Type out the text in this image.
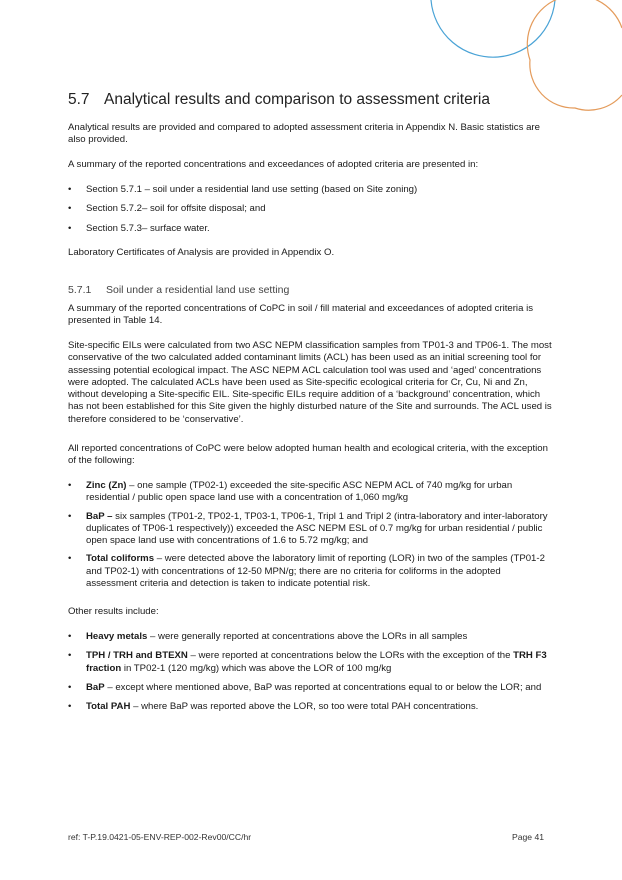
5.7 Analytical results and comparison to assessment criteria
Analytical results are provided and compared to adopted assessment criteria in Appendix N. Basic statistics are also provided.
A summary of the reported concentrations and exceedances of adopted criteria are presented in:
• Section 5.7.1 – soil under a residential land use setting (based on Site zoning)
• Section 5.7.2– soil for offsite disposal; and
• Section 5.7.3– surface water.
Laboratory Certificates of Analysis are provided in Appendix O.
5.7.1 Soil under a residential land use setting
A summary of the reported concentrations of CoPC in soil / fill material and exceedances of adopted criteria is presented in Table 14.
Site-specific EILs were calculated from two ASC NEPM classification samples from TP01-3 and TP06-1. The most conservative of the two calculated added contaminant limits (ACL) has been used as an initial screening tool for assessing potential ecological impact. The ASC NEPM ACL calculation tool was used and ‘aged’ concentrations were adopted. The calculated ACLs have been used as Site-specific ecological criteria for Cr, Cu, Ni and Zn, without developing a Site-specific EIL. Site-specific EILs require addition of a ‘background’ concentration, which has not been established for this Site given the highly disturbed nature of the Site and surrounds. The ACL used is therefore considered to be ‘conservative’.
All reported concentrations of CoPC were below adopted human health and ecological criteria, with the exception of the following:
• Zinc (Zn) – one sample (TP02-1) exceeded the site-specific ASC NEPM ACL of 740 mg/kg for urban residential / public open space land use with a concentration of 1,060 mg/kg
• BaP – six samples (TP01-2, TP02-1, TP03-1, TP06-1, Tripl 1 and Tripl 2 (intra-laboratory and inter-laboratory duplicates of TP06-1 respectively)) exceeded the ASC NEPM ESL of 0.7 mg/kg for urban residential / public open space land use with concentrations of 1.6 to 5.72 mg/kg; and
• Total coliforms – were detected above the laboratory limit of reporting (LOR) in two of the samples (TP01-2 and TP02-1) with concentrations of 12-50 MPN/g; there are no criteria for coliforms in the adopted assessment criteria and detection is taken to indicate potential risk.
Other results include:
• Heavy metals – were generally reported at concentrations above the LORs in all samples
• TPH / TRH and BTEXN – were reported at concentrations below the LORs with the exception of the TRH F3 fraction in TP02-1 (120 mg/kg) which was above the LOR of 100 mg/kg
• BaP – except where mentioned above, BaP was reported at concentrations equal to or below the LOR; and
• Total PAH – where BaP was reported above the LOR, so too were total PAH concentrations.
ref: T-P.19.0421-05-ENV-REP-002-Rev00/CC/hr	Page 41
